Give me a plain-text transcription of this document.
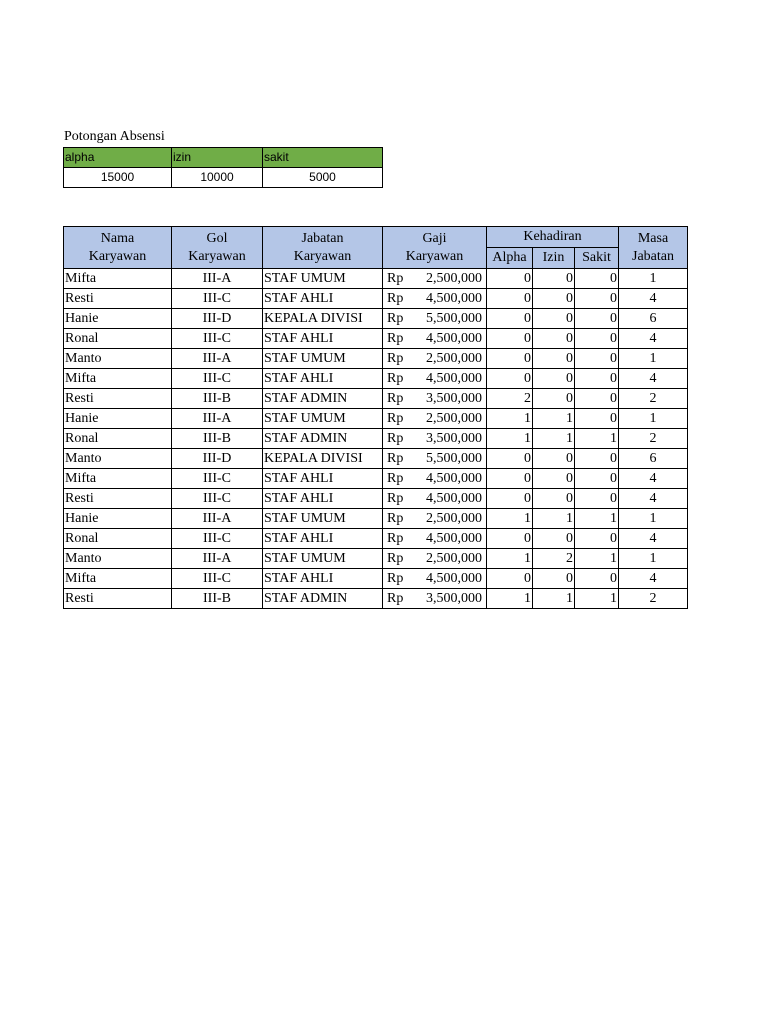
Potongan Absensi
alpha	izin	sakit
15000	10000	5000
Nama Karyawan	Gol Karyawan	Jabatan Karyawan	Gaji Karyawan	Kehadiran			Masa Jabatan
				Alpha	Izin	Sakit	
Mifta	III-A	STAF UMUM	Rp 2,500,000	0	0	0	1
Resti	III-C	STAF AHLI	Rp 4,500,000	0	0	0	4
Hanie	III-D	KEPALA DIVISI	Rp 5,500,000	0	0	0	6
Ronal	III-C	STAF AHLI	Rp 4,500,000	0	0	0	4
Manto	III-A	STAF UMUM	Rp 2,500,000	0	0	0	1
Mifta	III-C	STAF AHLI	Rp 4,500,000	0	0	0	4
Resti	III-B	STAF ADMIN	Rp 3,500,000	2	0	0	2
Hanie	III-A	STAF UMUM	Rp 2,500,000	1	1	0	1
Ronal	III-B	STAF ADMIN	Rp 3,500,000	1	1	1	2
Manto	III-D	KEPALA DIVISI	Rp 5,500,000	0	0	0	6
Mifta	III-C	STAF AHLI	Rp 4,500,000	0	0	0	4
Resti	III-C	STAF AHLI	Rp 4,500,000	0	0	0	4
Hanie	III-A	STAF UMUM	Rp 2,500,000	1	1	1	1
Ronal	III-C	STAF AHLI	Rp 4,500,000	0	0	0	4
Manto	III-A	STAF UMUM	Rp 2,500,000	1	2	1	1
Mifta	III-C	STAF AHLI	Rp 4,500,000	0	0	0	4
Resti	III-B	STAF ADMIN	Rp 3,500,000	1	1	1	2
